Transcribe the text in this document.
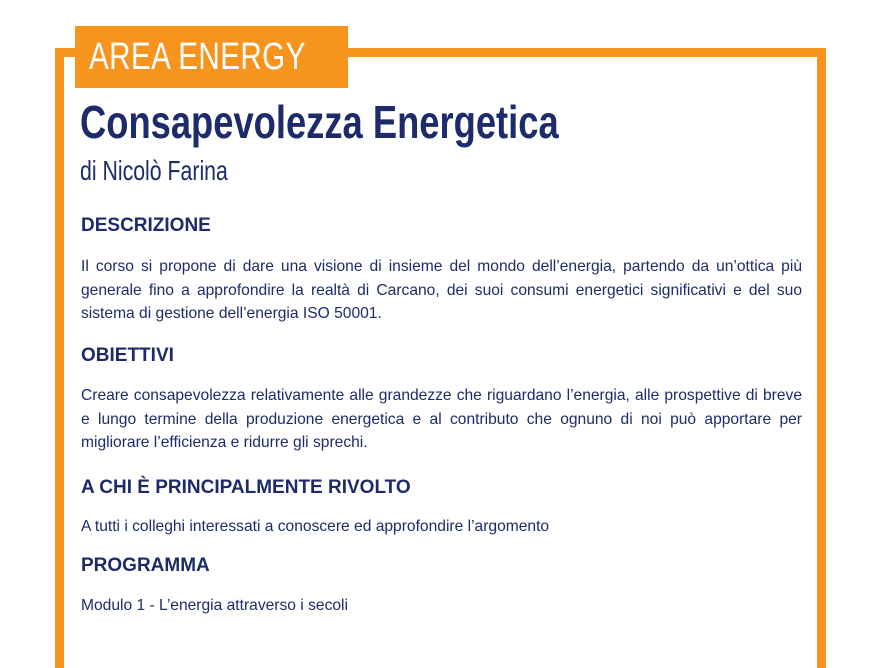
AREA ENERGY
Consapevolezza Energetica
di Nicolò Farina
DESCRIZIONE

Il corso si propone di dare una visione di insieme del mondo dell’energia, partendo da un’ottica più generale fino a approfondire la realtà di Carcano, dei suoi consumi energetici significativi e del suo sistema di gestione dell’energia ISO 50001.

OBIETTIVI

Creare consapevolezza relativamente alle grandezze che riguardano l’energia, alle prospettive di breve e lungo termine della produzione energetica e al contributo che ognuno di noi può apportare per migliorare l’efficienza e ridurre gli sprechi.

A CHI È PRINCIPALMENTE RIVOLTO

A tutti i colleghi interessati a conoscere ed approfondire l’argomento

PROGRAMMA

Modulo 1 - L’energia attraverso i secoli
